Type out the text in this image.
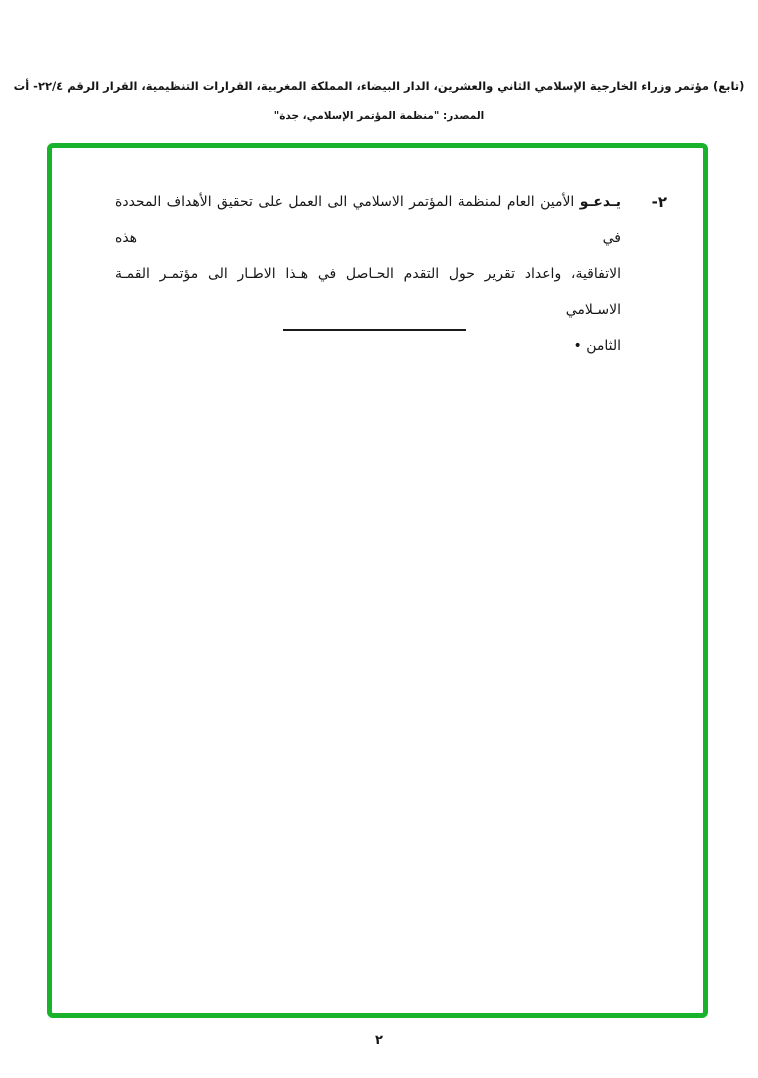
(تابع) مؤتمر وزراء الخارجية الإسلامي الثاني والعشرين، الدار البيضاء، المملكة المغربية، القرارات التنظيمية، القرار الرقم ٢٢/٤- أت
المصدر: "منظمة المؤتمر الإسلامي، جدة"
٢-
يـدعـو الأمين العام لمنظمة المؤتمر الاسلامي الى العمل على تحقيق الأهداف المحددة في هذه
الاتفاقية، واعداد تقرير حول التقدم الحـاصل في هـذا الاطـار الى مؤتمـر القمـة الاسـلامي
الثامن •
٢
